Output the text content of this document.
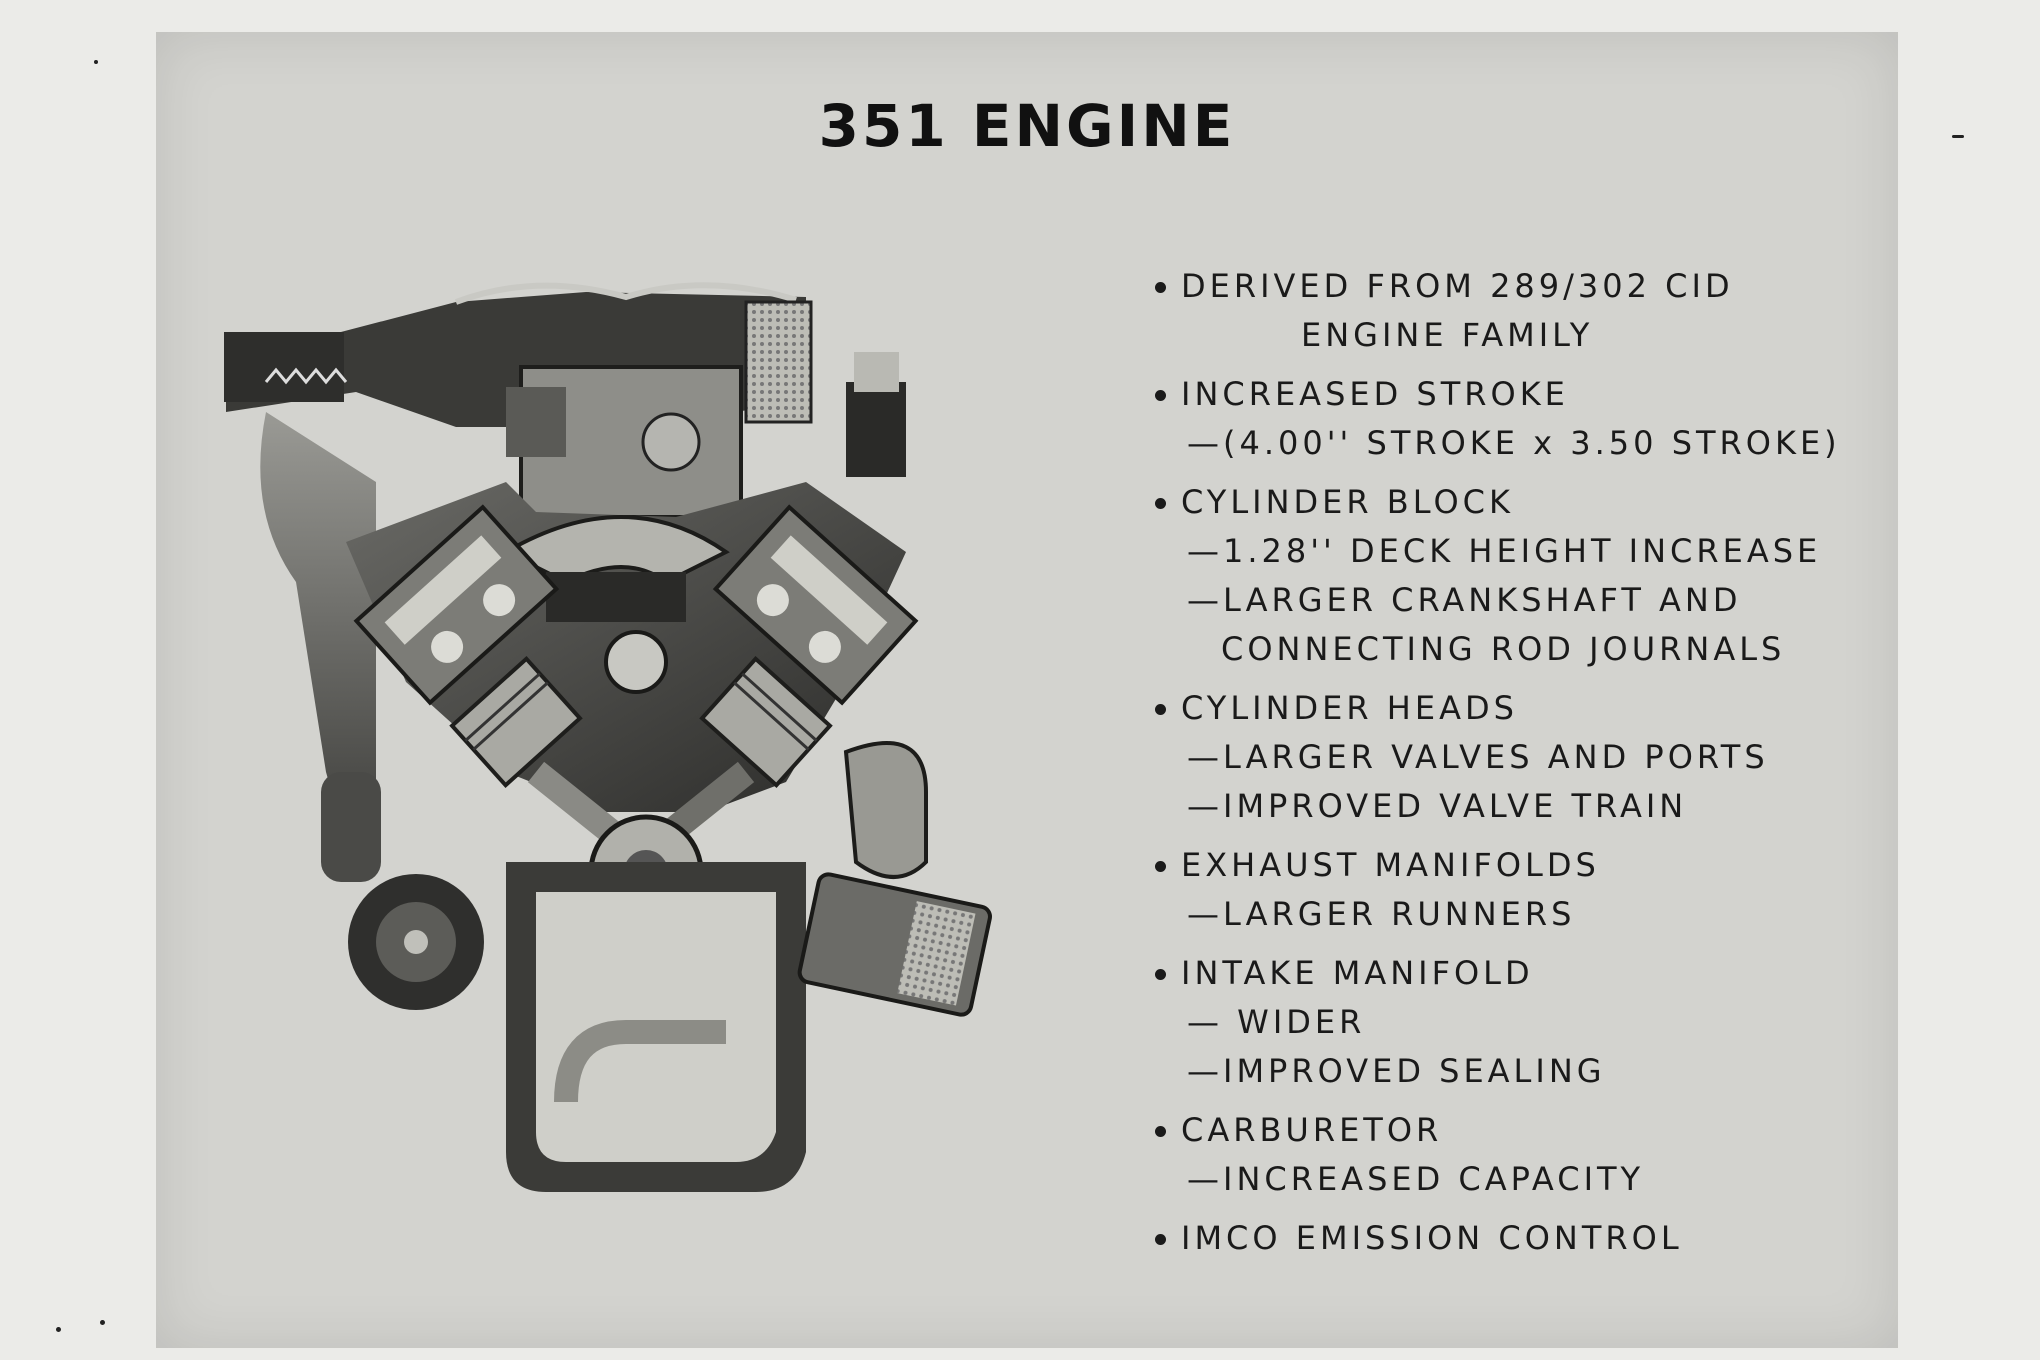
351 ENGINE
DERIVED FROM 289/302 CID
ENGINE FAMILY
INCREASED STROKE
—(4.00'' STROKE x 3.50 STROKE)
CYLINDER BLOCK
—1.28'' DECK HEIGHT INCREASE
—LARGER CRANKSHAFT AND
CONNECTING ROD JOURNALS
CYLINDER HEADS
—LARGER VALVES AND PORTS
—IMPROVED VALVE TRAIN
EXHAUST MANIFOLDS
—LARGER RUNNERS
INTAKE MANIFOLD
— WIDER
—IMPROVED SEALING
CARBURETOR
—INCREASED CAPACITY
IMCO EMISSION CONTROL
